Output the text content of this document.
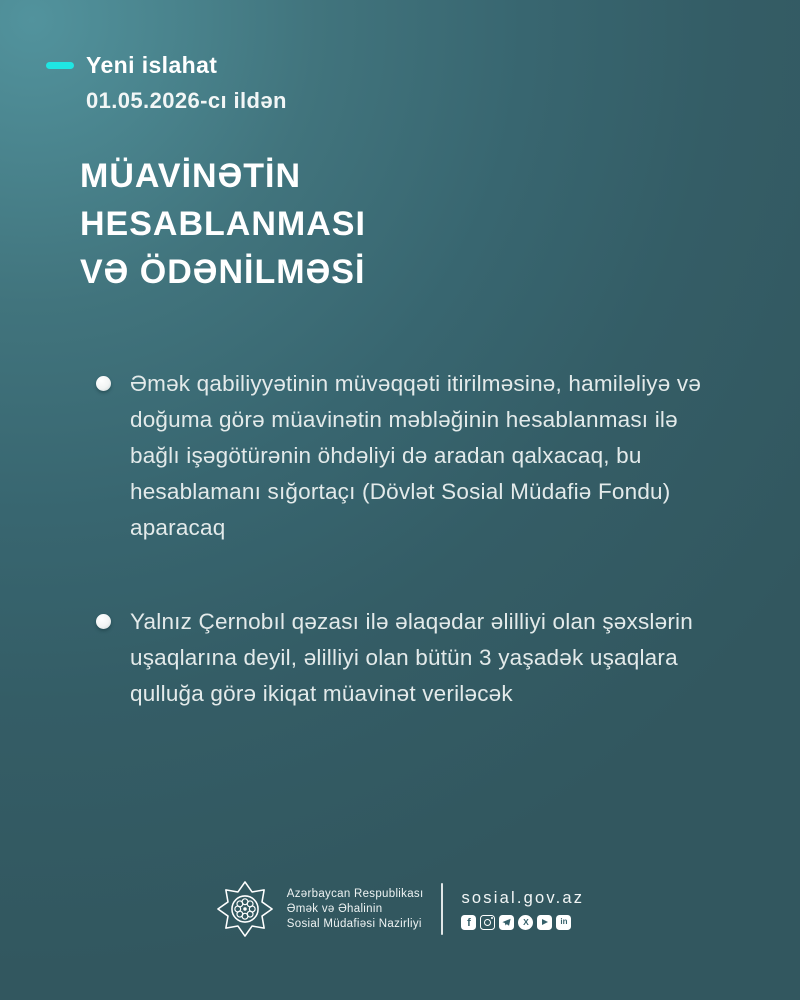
Yeni islahat
01.05.2026-cı ildən
MÜAVİNƏTİN
HESABLANMASI
VƏ ÖDƏNİLMƏSİ
Əmək qabiliyyətinin müvəqqəti itirilməsinə, hamiləliyə və doğuma görə müavinətin məbləğinin hesablanması ilə bağlı işəgötürənin öhdəliyi də aradan qalxacaq, bu hesablamanı sığortaçı (Dövlət Sosial Müdafiə Fondu) aparacaq
Yalnız Çernobıl qəzası ilə əlaqədar əlilliyi olan şəxslərin uşaqlarına deyil, əlilliyi olan bütün 3 yaşadək uşaqlara qulluğa görə ikiqat müavinət veriləcək
Azərbaycan Respublikası
Əmək və Əhalinin
Sosial Müdafiəsi Nazirliyi
sosial.gov.az
f	X	in
